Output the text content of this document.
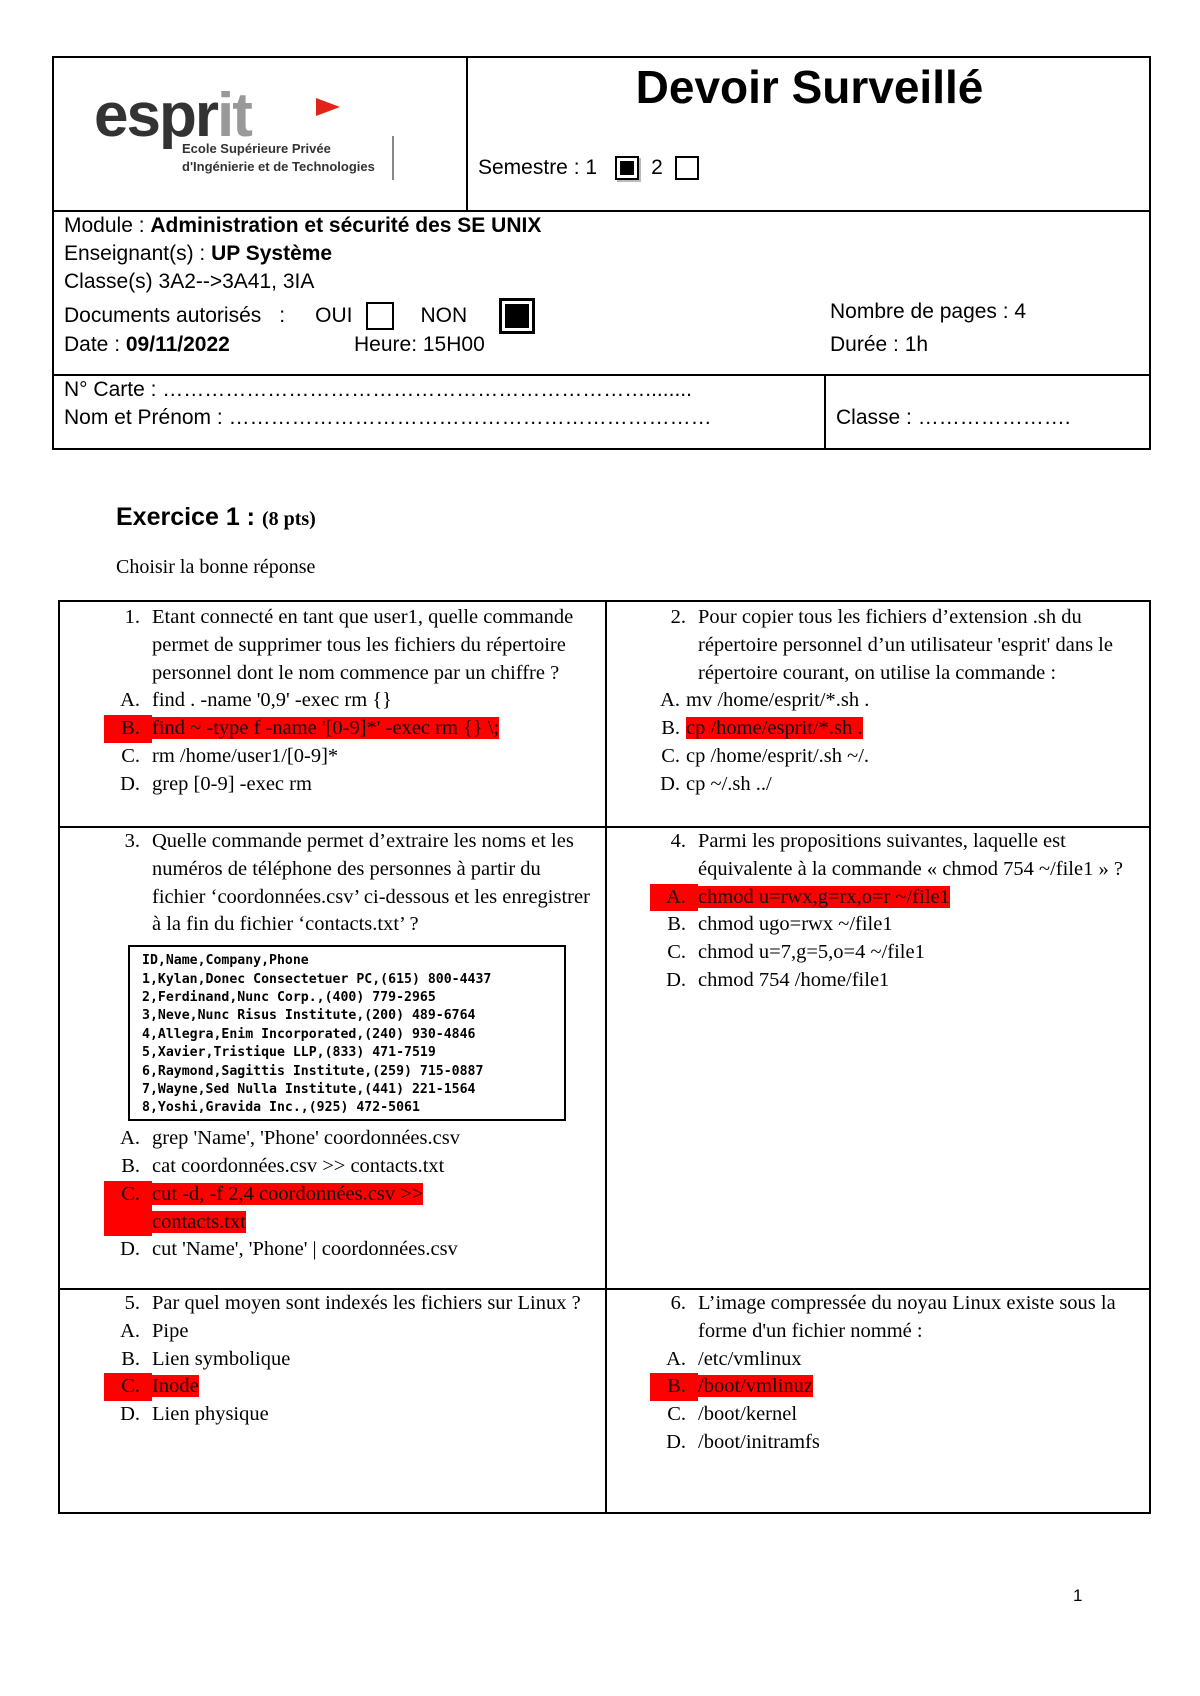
esprit
Ecole Supérieure Privée
d'Ingénierie et de Technologies
Devoir Surveillé
Semestre : 1	2
Module : Administration et sécurité des SE UNIX
Enseignant(s) : UP Système
Classe(s) 3A2-->3A41, 3IA
Documents autorisés : OUI	NON	Nombre de pages : 4
Date : 09/11/2022	Heure: 15H00	Durée : 1h
N° Carte : ……………………………………………………………........
Nom et Prénom : ……………………………………………………………	Classe : ………………….
Exercice 1 : (8 pts)
Choisir la bonne réponse
1. Etant connecté en tant que user1, quelle commande permet de supprimer tous les fichiers du répertoire personnel dont le nom commence par un chiffre ?
A. find . -name '0,9' -exec rm {}
B. find ~ -type f -name '[0-9]*' -exec rm {} \;
C. rm /home/user1/[0-9]*
D. grep [0-9] -exec rm
2. Pour copier tous les fichiers d’extension .sh du répertoire personnel d’un utilisateur 'esprit' dans le répertoire courant, on utilise la commande :
A. mv /home/esprit/*.sh .
B. cp /home/esprit/*.sh .
C. cp /home/esprit/.sh ~/.
D. cp ~/.sh ../
3. Quelle commande permet d’extraire les noms et les numéros de téléphone des personnes à partir du fichier ‘coordonnées.csv’ ci-dessous et les enregistrer à la fin du fichier ‘contacts.txt’ ?
ID,Name,Company,Phone
1,Kylan,Donec Consectetuer PC,(615) 800-4437
2,Ferdinand,Nunc Corp.,(400) 779-2965
3,Neve,Nunc Risus Institute,(200) 489-6764
4,Allegra,Enim Incorporated,(240) 930-4846
5,Xavier,Tristique LLP,(833) 471-7519
6,Raymond,Sagittis Institute,(259) 715-0887
7,Wayne,Sed Nulla Institute,(441) 221-1564
8,Yoshi,Gravida Inc.,(925) 472-5061
A. grep 'Name', 'Phone' coordonnées.csv
B. cat coordonnées.csv >> contacts.txt
C. cut -d, -f 2,4 coordonnées.csv >>
contacts.txt
D. cut 'Name', 'Phone' | coordonnées.csv
4. Parmi les propositions suivantes, laquelle est équivalente à la commande « chmod 754 ~/file1 » ?
A. chmod u=rwx,g=rx,o=r ~/file1
B. chmod ugo=rwx ~/file1
C. chmod u=7,g=5,o=4 ~/file1
D. chmod 754 /home/file1
5. Par quel moyen sont indexés les fichiers sur Linux ?
A. Pipe
B. Lien symbolique
C. Inode
D. Lien physique
6. L’image compressée du noyau Linux existe sous la forme d'un fichier nommé :
A. /etc/vmlinux
B. /boot/vmlinuz
C. /boot/kernel
D. /boot/initramfs
1
